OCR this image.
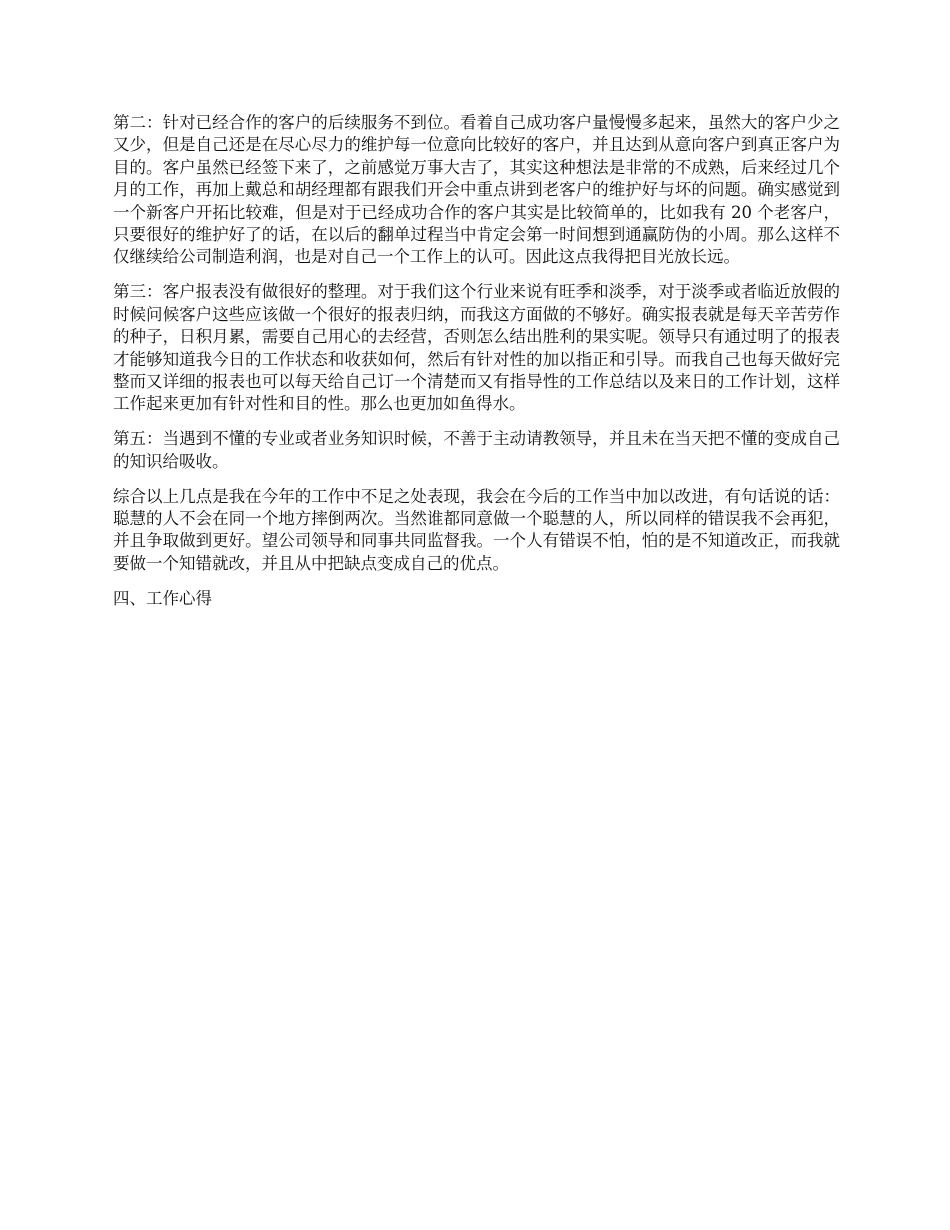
第二：针对已经合作的客户的后续服务不到位。看着自己成功客户量慢慢多起来，虽然大的客户少之又少，但是自己还是在尽心尽力的维护每一位意向比较好的客户，并且达到从意向客户到真正客户为目的。客户虽然已经签下来了，之前感觉万事大吉了，其实这种想法是非常的不成熟，后来经过几个月的工作，再加上戴总和胡经理都有跟我们开会中重点讲到老客户的维护好与坏的问题。确实感觉到一个新客户开拓比较难，但是对于已经成功合作的客户其实是比较简单的，比如我有 20 个老客户，只要很好的维护好了的话，在以后的翻单过程当中肯定会第一时间想到通赢防伪的小周。那么这样不仅继续给公司制造利润，也是对自己一个工作上的认可。因此这点我得把目光放长远。

第三：客户报表没有做很好的整理。对于我们这个行业来说有旺季和淡季，对于淡季或者临近放假的时候问候客户这些应该做一个很好的报表归纳，而我这方面做的不够好。确实报表就是每天辛苦劳作的种子，日积月累，需要自己用心的去经营，否则怎么结出胜利的果实呢。领导只有通过明了的报表才能够知道我今日的工作状态和收获如何，然后有针对性的加以指正和引导。而我自己也每天做好完整而又详细的报表也可以每天给自己订一个清楚而又有指导性的工作总结以及来日的工作计划，这样工作起来更加有针对性和目的性。那么也更加如鱼得水。

第五：当遇到不懂的专业或者业务知识时候，不善于主动请教领导，并且未在当天把不懂的变成自己的知识给吸收。

综合以上几点是我在今年的工作中不足之处表现，我会在今后的工作当中加以改进，有句话说的话：聪慧的人不会在同一个地方摔倒两次。当然谁都同意做一个聪慧的人，所以同样的错误我不会再犯，并且争取做到更好。望公司领导和同事共同监督我。一个人有错误不怕，怕的是不知道改正，而我就要做一个知错就改，并且从中把缺点变成自己的优点。

四、工作心得
